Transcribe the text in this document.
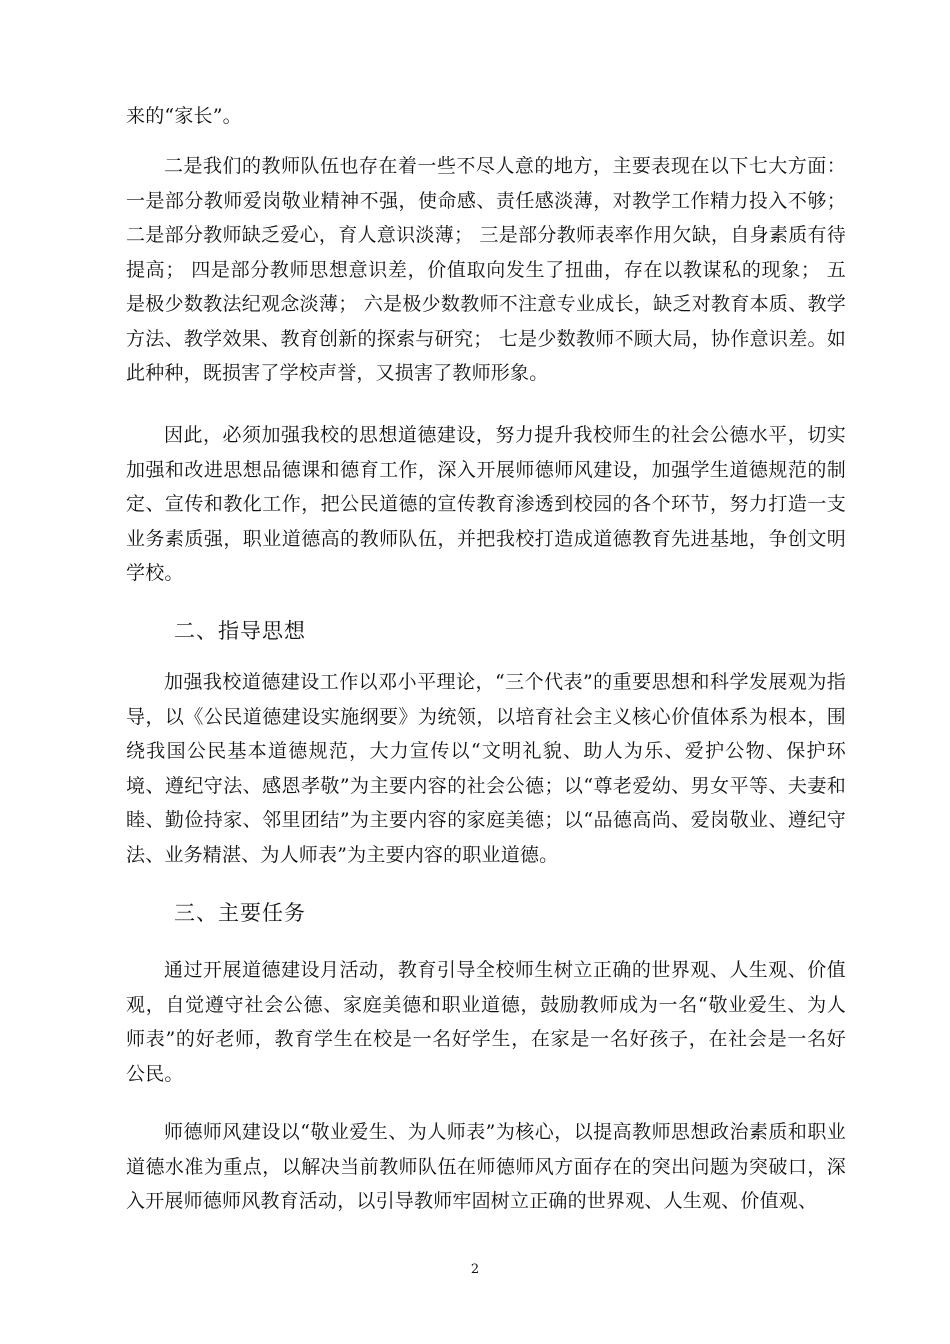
来的“家长”。

二是我们的教师队伍也存在着一些不尽人意的地方，主要表现在以下七大方面：一是部分教师爱岗敬业精神不强，使命感、责任感淡薄，对教学工作精力投入不够； 二是部分教师缺乏爱心，育人意识淡薄； 三是部分教师表率作用欠缺，自身素质有待提高； 四是部分教师思想意识差，价值取向发生了扭曲，存在以教谋私的现象； 五是极少数教法纪观念淡薄； 六是极少数教师不注意专业成长，缺乏对教育本质、教学方法、教学效果、教育创新的探索与研究； 七是少数教师不顾大局，协作意识差。如此种种，既损害了学校声誉，又损害了教师形象。

因此，必须加强我校的思想道德建设，努力提升我校师生的社会公德水平，切实加强和改进思想品德课和德育工作，深入开展师德师风建设，加强学生道德规范的制定、宣传和教化工作，把公民道德的宣传教育渗透到校园的各个环节，努力打造一支业务素质强，职业道德高的教师队伍，并把我校打造成道德教育先进基地，争创文明学校。

二、指导思想

加强我校道德建设工作以邓小平理论，“三个代表”的重要思想和科学发展观为指导，以《公民道德建设实施纲要》为统领，以培育社会主义核心价值体系为根本，围绕我国公民基本道德规范，大力宣传以“文明礼貌、助人为乐、爱护公物、保护环境、遵纪守法、感恩孝敬”为主要内容的社会公德；以“尊老爱幼、男女平等、夫妻和睦、勤俭持家、邻里团结”为主要内容的家庭美德；以“品德高尚、爱岗敬业、遵纪守法、业务精湛、为人师表”为主要内容的职业道德。

三、主要任务

通过开展道德建设月活动，教育引导全校师生树立正确的世界观、人生观、价值观，自觉遵守社会公德、家庭美德和职业道德，鼓励教师成为一名“敬业爱生、为人师表”的好老师，教育学生在校是一名好学生，在家是一名好孩子，在社会是一名好公民。

师德师风建设以“敬业爱生、为人师表”为核心，以提高教师思想政治素质和职业道德水准为重点，以解决当前教师队伍在师德师风方面存在的突出问题为突破口，深入开展师德师风教育活动，以引导教师牢固树立正确的世界观、人生观、价值观、

2
